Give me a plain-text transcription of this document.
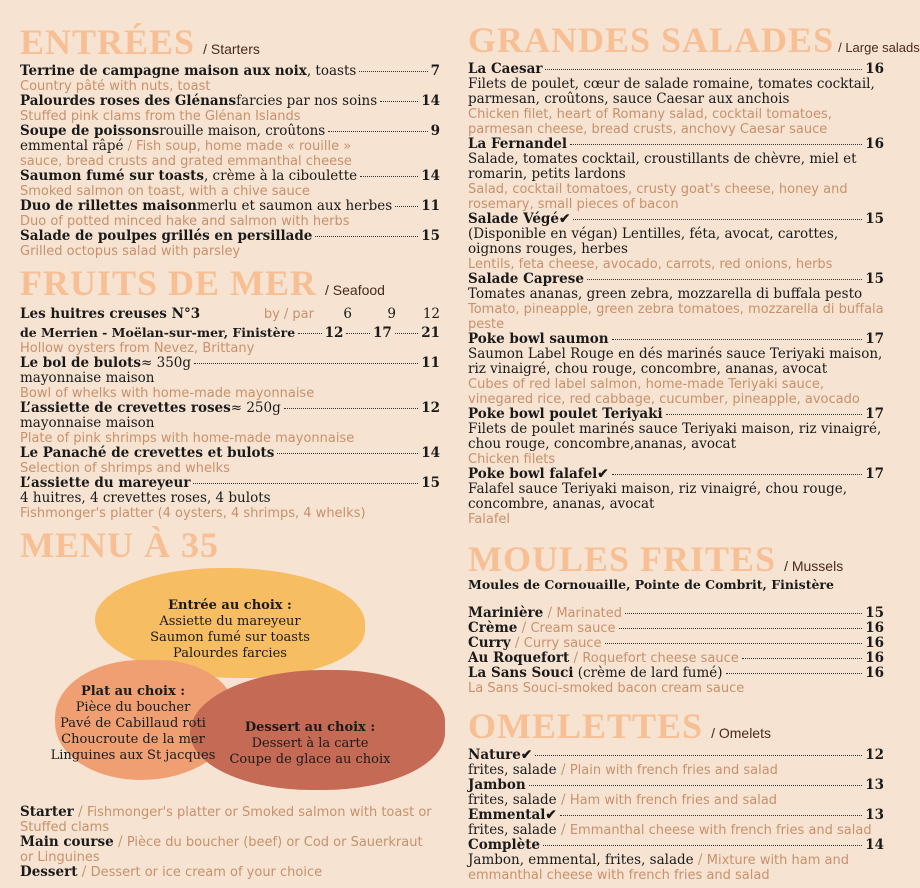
ENTRÉES / Starters
Terrine de campagne maison aux noix , toasts	7
Country pâté with nuts, toast
Palourdes roses des Glénans farcies par nos soins	14
Stuffed pink clams from the Glénan Islands
Soupe de poissons rouille maison, croûtons	9
emmental râpé / Fish soup, home made « rouille »
sauce, bread crusts and grated emmanthal cheese
Saumon fumé sur toasts , crème à la ciboulette	14
Smoked salmon on toast, with a chive sauce
Duo de rillettes maison merlu et saumon aux herbes 11
Duo of potted minced hake and salmon with herbs
Salade de poulpes grillés en persillade	15
Grilled octopus salad with parsley
FRUITS DE MER / Seafood
Les huitres creuses N°3	by / par	6	9	12
de Merrien - Moëlan-sur-mer, Finistère 12 17 21
Hollow oysters from Nevez, Brittany
Le bol de bulots ≈ 350g	11
mayonnaise maison
Bowl of whelks with home-made mayonnaise
L’assiette de crevettes roses ≈ 250g	12
mayonnaise maison
Plate of pink shrimps with home-made mayonnaise
Le Panaché de crevettes et bulots	14
Selection of shrimps and whelks
L’assiette du mareyeur	15
4 huitres, 4 crevettes roses, 4 bulots
Fishmonger's platter (4 oysters, 4 shrimps, 4 whelks)
MENU À 35
Entrée au choix :
Assiette du mareyeur
Saumon fumé sur toasts
Palourdes farcies
Plat au choix :
Pièce du boucher
Pavé de Cabillaud roti
Choucroute de la mer
Linguines aux St jacques
Dessert au choix :
Dessert à la carte
Coupe de glace au choix
Starter / Fishmonger's platter or Smoked salmon with toast or
Stuffed clams
Main course / Pièce du boucher (beef) or Cod or Sauerkraut
or Linguines
Dessert / Dessert or ice cream of your choice
GRANDES SALADES / Large salads
La Caesar	16
Filets de poulet, cœur de salade romaine, tomates cocktail, parmesan, croûtons, sauce Caesar aux anchois
Chicken filet, heart of Romany salad, cocktail tomatoes, parmesan cheese, bread crusts, anchovy Caesar sauce
La Fernandel	16
Salade, tomates cocktail, croustillants de chèvre, miel et romarin, petits lardons
Salad, cocktail tomatoes, crusty goat's cheese, honey and rosemary, small pieces of bacon
Salade Végé ✔︎	15
(Disponible en végan) Lentilles, féta, avocat, carottes, oignons rouges, herbes
Lentils, feta cheese, avocado, carrots, red onions, herbs
Salade Caprese	15
Tomates ananas, green zebra, mozzarella di buffala pesto
Tomato, pineapple, green zebra tomatoes, mozzarella di buffala peste
Poke bowl saumon	17
Saumon Label Rouge en dés marinés sauce Teriyaki maison, riz vinaigré, chou rouge, concombre, ananas, avocat
Cubes of red label salmon, home-made Teriyaki sauce, vinegared rice, red cabbage, cucumber, pineapple, avocado
Poke bowl poulet Teriyaki	17
Filets de poulet marinés sauce Teriyaki maison, riz vinaigré, chou rouge, concombre,ananas, avocat
Chicken filets
Poke bowl falafel ✔︎	17
Falafel sauce Teriyaki maison, riz vinaigré, chou rouge, concombre, ananas, avocat
Falafel
MOULES FRITES / Mussels
Moules de Cornouaille, Pointe de Combrit, Finistère
Marinière / Marinated	15
Crème / Cream sauce	16
Curry / Curry sauce	16
Au Roquefort / Roquefort cheese sauce	16
La Sans Souci (crème de lard fumé)	16
La Sans Souci-smoked bacon cream sauce
OMELETTES / Omelets
Nature ✔︎	12
frites, salade / Plain with french fries and salad
Jambon	13
frites, salade / Ham with french fries and salad
Emmental ✔︎	13
frites, salade / Emmanthal cheese with french fries and salad
Complète	14
Jambon, emmental, frites, salade / Mixture with ham and emmanthal cheese with french fries and salad
